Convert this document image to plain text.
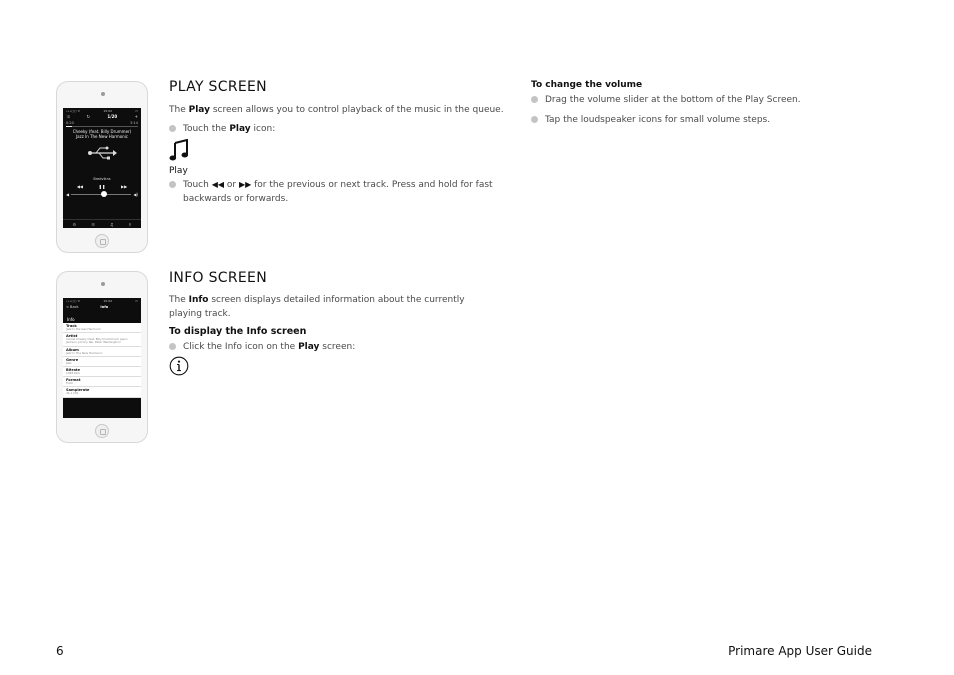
•••○○ ᯤ	15:02	▭
⤨	↻	1/20	+
0:20	3:14
Cheeky (feat. Billy Drummer)
Jazz In The New Harmonic
Bredvikns
◀◀	❚❚	▶▶
◀	◀)
⚙	☰	♫	⚲
PLAY SCREEN
The Play screen allows you to control playback of the music in the queue.
Touch the Play icon:
Play
Touch ◀◀ or ▶▶ for the previous or next track. Press and hold for fast backwards or forwards.
To change the volume
Drag the volume slider at the bottom of the Play Screen.
Tap the loudspeaker icons for small volume steps.
•••○○ ᯤ	15:02	▭
< Back	Info
Info
Track
Jazz In the Gas Harmonic
Artist
Cecilia Cheeky (feat. Billy Drummond, Jason Jackson, Johnny Rei, Peter Washington)
Album
Jazz In The New Harmonic
Genre
Jazz
Bitrate
1058 kb/s
Format
FLAC
Samplerate
44.1 kHz
INFO SCREEN
The Info screen displays detailed information about the currently playing track.
To display the Info screen
Click the Info icon on the Play screen:
6	Primare App User Guide
